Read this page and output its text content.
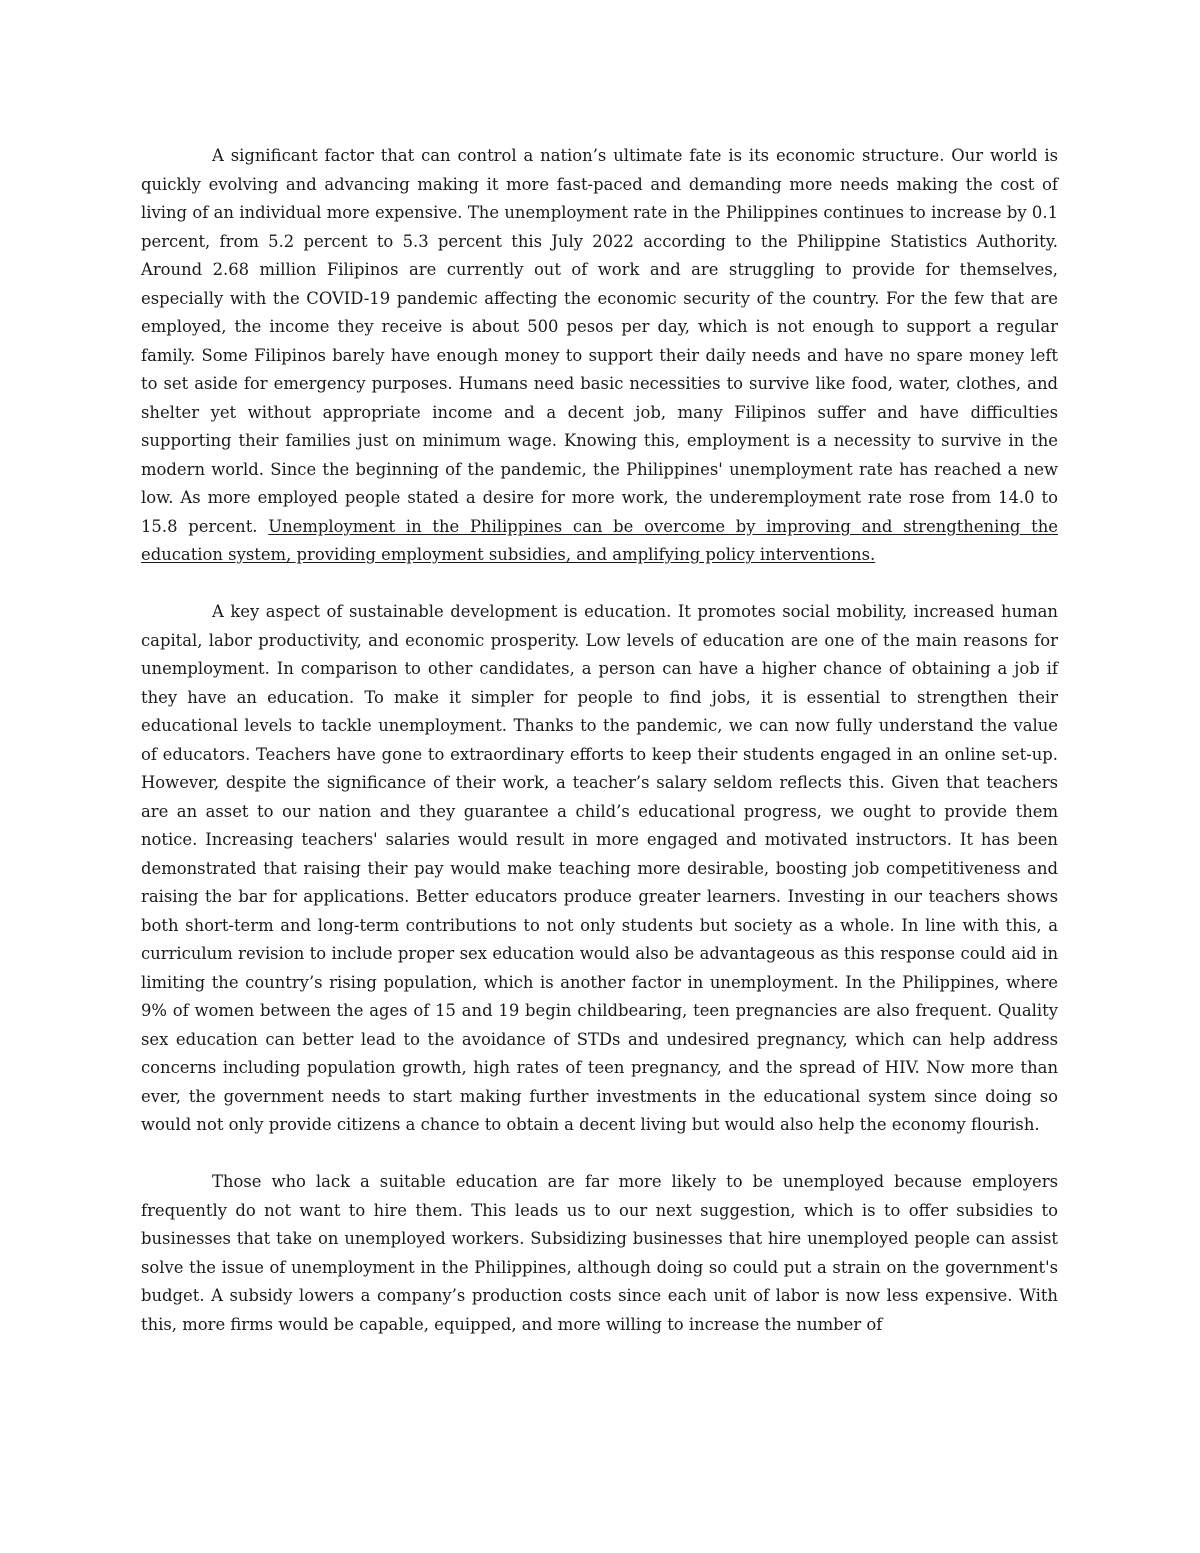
A significant factor that can control a nation’s ultimate fate is its economic structure. Our world is quickly evolving and advancing making it more fast-paced and demanding more needs making the cost of living of an individual more expensive. The unemployment rate in the Philippines continues to increase by 0.1 percent, from 5.2 percent to 5.3 percent this July 2022 according to the Philippine Statistics Authority. Around 2.68 million Filipinos are currently out of work and are struggling to provide for themselves, especially with the COVID-19 pandemic affecting the economic security of the country. For the few that are employed, the income they receive is about 500 pesos per day, which is not enough to support a regular family. Some Filipinos barely have enough money to support their daily needs and have no spare money left to set aside for emergency purposes. Humans need basic necessities to survive like food, water, clothes, and shelter yet without appropriate income and a decent job, many Filipinos suffer and have difficulties supporting their families just on minimum wage. Knowing this, employment is a necessity to survive in the modern world. Since the beginning of the pandemic, the Philippines' unemployment rate has reached a new low. As more employed people stated a desire for more work, the underemployment rate rose from 14.0 to 15.8 percent. Unemployment in the Philippines can be overcome by improving and strengthening the education system, providing employment subsidies, and amplifying policy interventions.

A key aspect of sustainable development is education. It promotes social mobility, increased human capital, labor productivity, and economic prosperity. Low levels of education are one of the main reasons for unemployment. In comparison to other candidates, a person can have a higher chance of obtaining a job if they have an education. To make it simpler for people to find jobs, it is essential to strengthen their educational levels to tackle unemployment. Thanks to the pandemic, we can now fully understand the value of educators. Teachers have gone to extraordinary efforts to keep their students engaged in an online set-up. However, despite the significance of their work, a teacher’s salary seldom reflects this. Given that teachers are an asset to our nation and they guarantee a child’s educational progress, we ought to provide them notice. Increasing teachers' salaries would result in more engaged and motivated instructors. It has been demonstrated that raising their pay would make teaching more desirable, boosting job competitiveness and raising the bar for applications. Better educators produce greater learners. Investing in our teachers shows both short-term and long-term contributions to not only students but society as a whole. In line with this, a curriculum revision to include proper sex education would also be advantageous as this response could aid in limiting the country’s rising population, which is another factor in unemployment. In the Philippines, where 9% of women between the ages of 15 and 19 begin childbearing, teen pregnancies are also frequent. Quality sex education can better lead to the avoidance of STDs and undesired pregnancy, which can help address concerns including population growth, high rates of teen pregnancy, and the spread of HIV. Now more than ever, the government needs to start making further investments in the educational system since doing so would not only provide citizens a chance to obtain a decent living but would also help the economy flourish.

Those who lack a suitable education are far more likely to be unemployed because employers frequently do not want to hire them. This leads us to our next suggestion, which is to offer subsidies to businesses that take on unemployed workers. Subsidizing businesses that hire unemployed people can assist solve the issue of unemployment in the Philippines, although doing so could put a strain on the government's budget. A subsidy lowers a company’s production costs since each unit of labor is now less expensive. With this, more firms would be capable, equipped, and more willing to increase the number of
